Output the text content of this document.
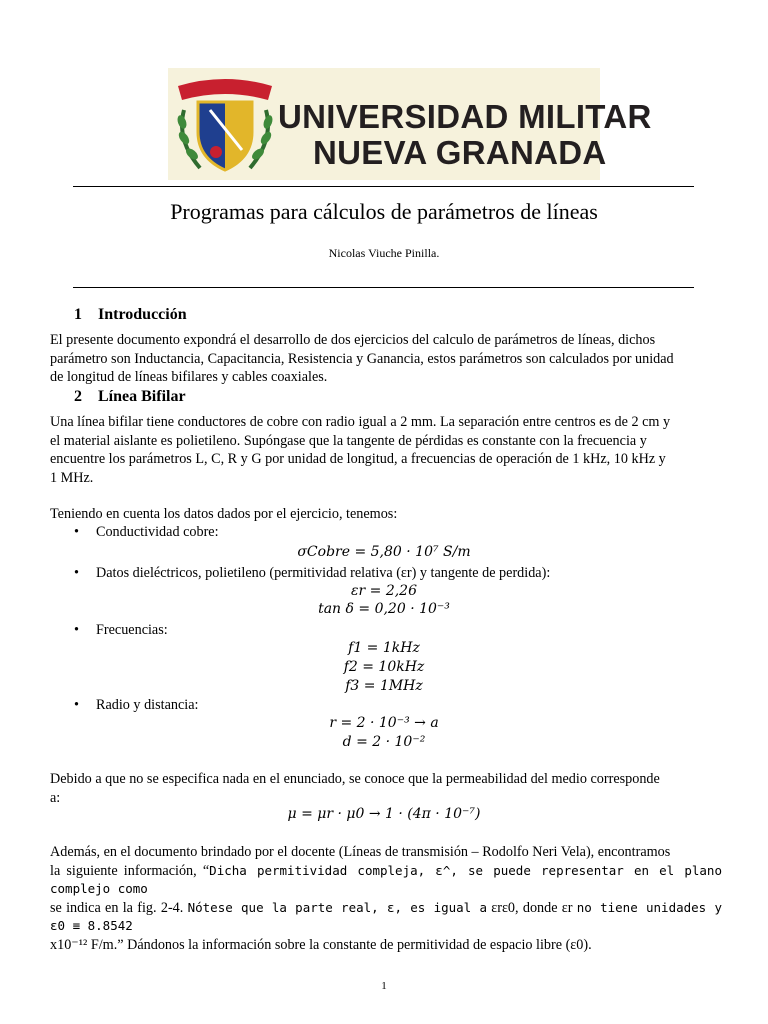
UNIVERSIDAD MILITAR
NUEVA GRANADA
Programas para cálculos de parámetros de líneas
Nicolas Viuche Pinilla.
1 Introducción
El presente documento expondrá el desarrollo de dos ejercicios del calculo de parámetros de líneas, dichos
parámetro son Inductancia, Capacitancia, Resistencia y Ganancia, estos parámetros son calculados por unidad
de longitud de líneas bifilares y cables coaxiales.
2 Línea Bifilar
Una línea bifilar tiene conductores de cobre con radio igual a 2 mm. La separación entre centros es de 2 cm y
el material aislante es polietileno. Supóngase que la tangente de pérdidas es constante con la frecuencia y
encuentre los parámetros L, C, R y G por unidad de longitud, a frecuencias de operación de 1 kHz, 10 kHz y
1 MHz.
Teniendo en cuenta los datos dados por el ejercicio, tenemos:
• Conductividad cobre:
σCobre = 5,80 · 10⁷ S/m
• Datos dieléctricos, polietileno (permitividad relativa (εr) y tangente de perdida):
εr = 2,26
tan δ = 0,20 · 10⁻³
• Frecuencias:
f1 = 1kHz
f2 = 10kHz
f3 = 1MHz
• Radio y distancia:
r = 2 · 10⁻³ → a
d = 2 · 10⁻²
Debido a que no se especifica nada en el enunciado, se conoce que la permeabilidad del medio corresponde
a:
μ = μr · μ0 → 1 · (4π · 10⁻⁷)
Además, en el documento brindado por el docente (Líneas de transmisión – Rodolfo Neri Vela), encontramos
la siguiente información, “Dicha permitividad compleja, ε^, se puede representar en el plano complejo como
se indica en la fig. 2-4. Nótese que la parte real, ε, es igual a εrε0, donde εr no tiene unidades y ε0 ≡ 8.8542
x10⁻¹² F/m.” Dándonos la información sobre la constante de permitividad de espacio libre (ε0).
1
